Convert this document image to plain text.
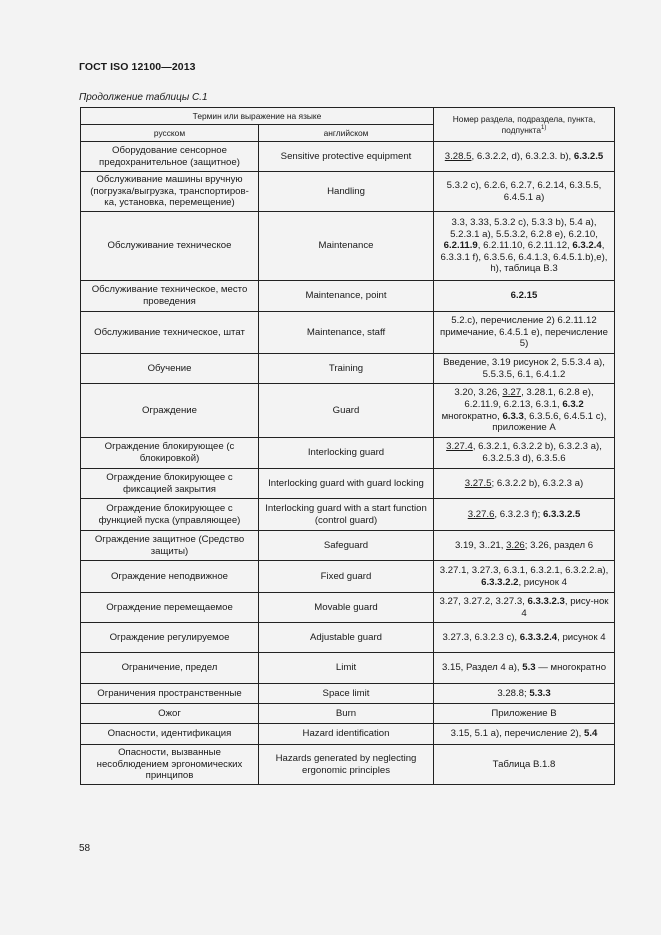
ГОСТ ISO 12100—2013
Продолжение таблицы С.1
Термин или выражение на языке		Номер раздела, подраздела, пункта, подпункта$^{1)}$
русском	английском	
Оборудование сенсорное предохранительное (защитное)	Sensitive protective equipment	3.28.5, 6.3.2.2, d), 6.3.2.3. b), 6.3.2.5
Обслуживание машины вручную (погрузка/выгрузка, транспортиров-ка, установка, перемещение)	Handling	5.3.2 с), 6.2.6, 6.2.7, 6.2.14, 6.3.5.5, 6.4.5.1 а)
Обслуживание техническое	Maintenance	3.3, 3.33, 5.3.2 с), 5.3.3 b), 5.4 а), 5.2.3.1 а), 5.5.3.2, 6.2.8 е), 6.2.10, 6.2.11.9, 6.2.11.10, 6.2.11.12, 6.3.2.4, 6.3.3.1 f), 6.3.5.6, 6.4.1.3, 6.4.5.1.b),е), h), таблица В.3
Обслуживание техническое, место проведения	Maintenance, point	6.2.15
Обслуживание техническое, штат	Maintenance, staff	5.2.с), перечисление 2) 6.2.11.12 примечание, 6.4.5.1 е), перечисление 5)
Обучение	Training	Введение, 3.19 рисунок 2, 5.5.3.4 а), 5.5.3.5, 6.1, 6.4.1.2
Ограждение	Guard	3.20, 3.26, 3.27, 3.28.1, 6.2.8 е), 6.2.11.9, 6.2.13, 6.3.1, 6.3.2 многократно, 6.3.3, 6.3.5.6, 6.4.5.1 с), приложение А
Ограждение блокирующее (с блокировкой)	Interlocking guard	3.27.4, 6.3.2.1, 6.3.2.2 b), 6.3.2.3 а), 6.3.2.5.3 d), 6.3.5.6
Ограждение блокирующее с фиксацией закрытия	Interlocking guard with guard locking	3.27.5; 6.3.2.2 b), 6.3.2.3 а)
Ограждение блокирующее с функцией пуска (управляющее)	Interlocking guard with a start function (control guard)	3.27.6, 6.3.2.3 f); 6.3.3.2.5
Ограждение защитное (Средство защиты)	Safeguard	3.19, З..21, 3.26; 3.26, раздел 6
Ограждение неподвижное	Fixed guard	3.27.1, 3.27.3, 6.3.1, 6.3.2.1, 6.3.2.2.а), 6.3.3.2.2, рисунок 4
Ограждение перемещаемое	Movable guard	3.27, 3.27.2, 3.27.3, 6.3.3.2.3, рису-нок 4
Ограждение регулируемое	Adjustable guard	3.27.3, 6.3.2.3 с), 6.3.3.2.4, рисунок 4
Ограничение, предел	Limit	3.15, Раздел 4 а), 5.3 — многократно
Ограничения пространственные	Space limit	3.28.8; 5.3.3
Ожог	Burn	Приложение В
Опасности, идентификация	Hazard identification	3.15, 5.1 а), перечисление 2), 5.4
Опасности, вызванные несоблюдением эргономических принципов	Hazards generated by neglecting ergonomic principles	Таблица В.1.8
58
